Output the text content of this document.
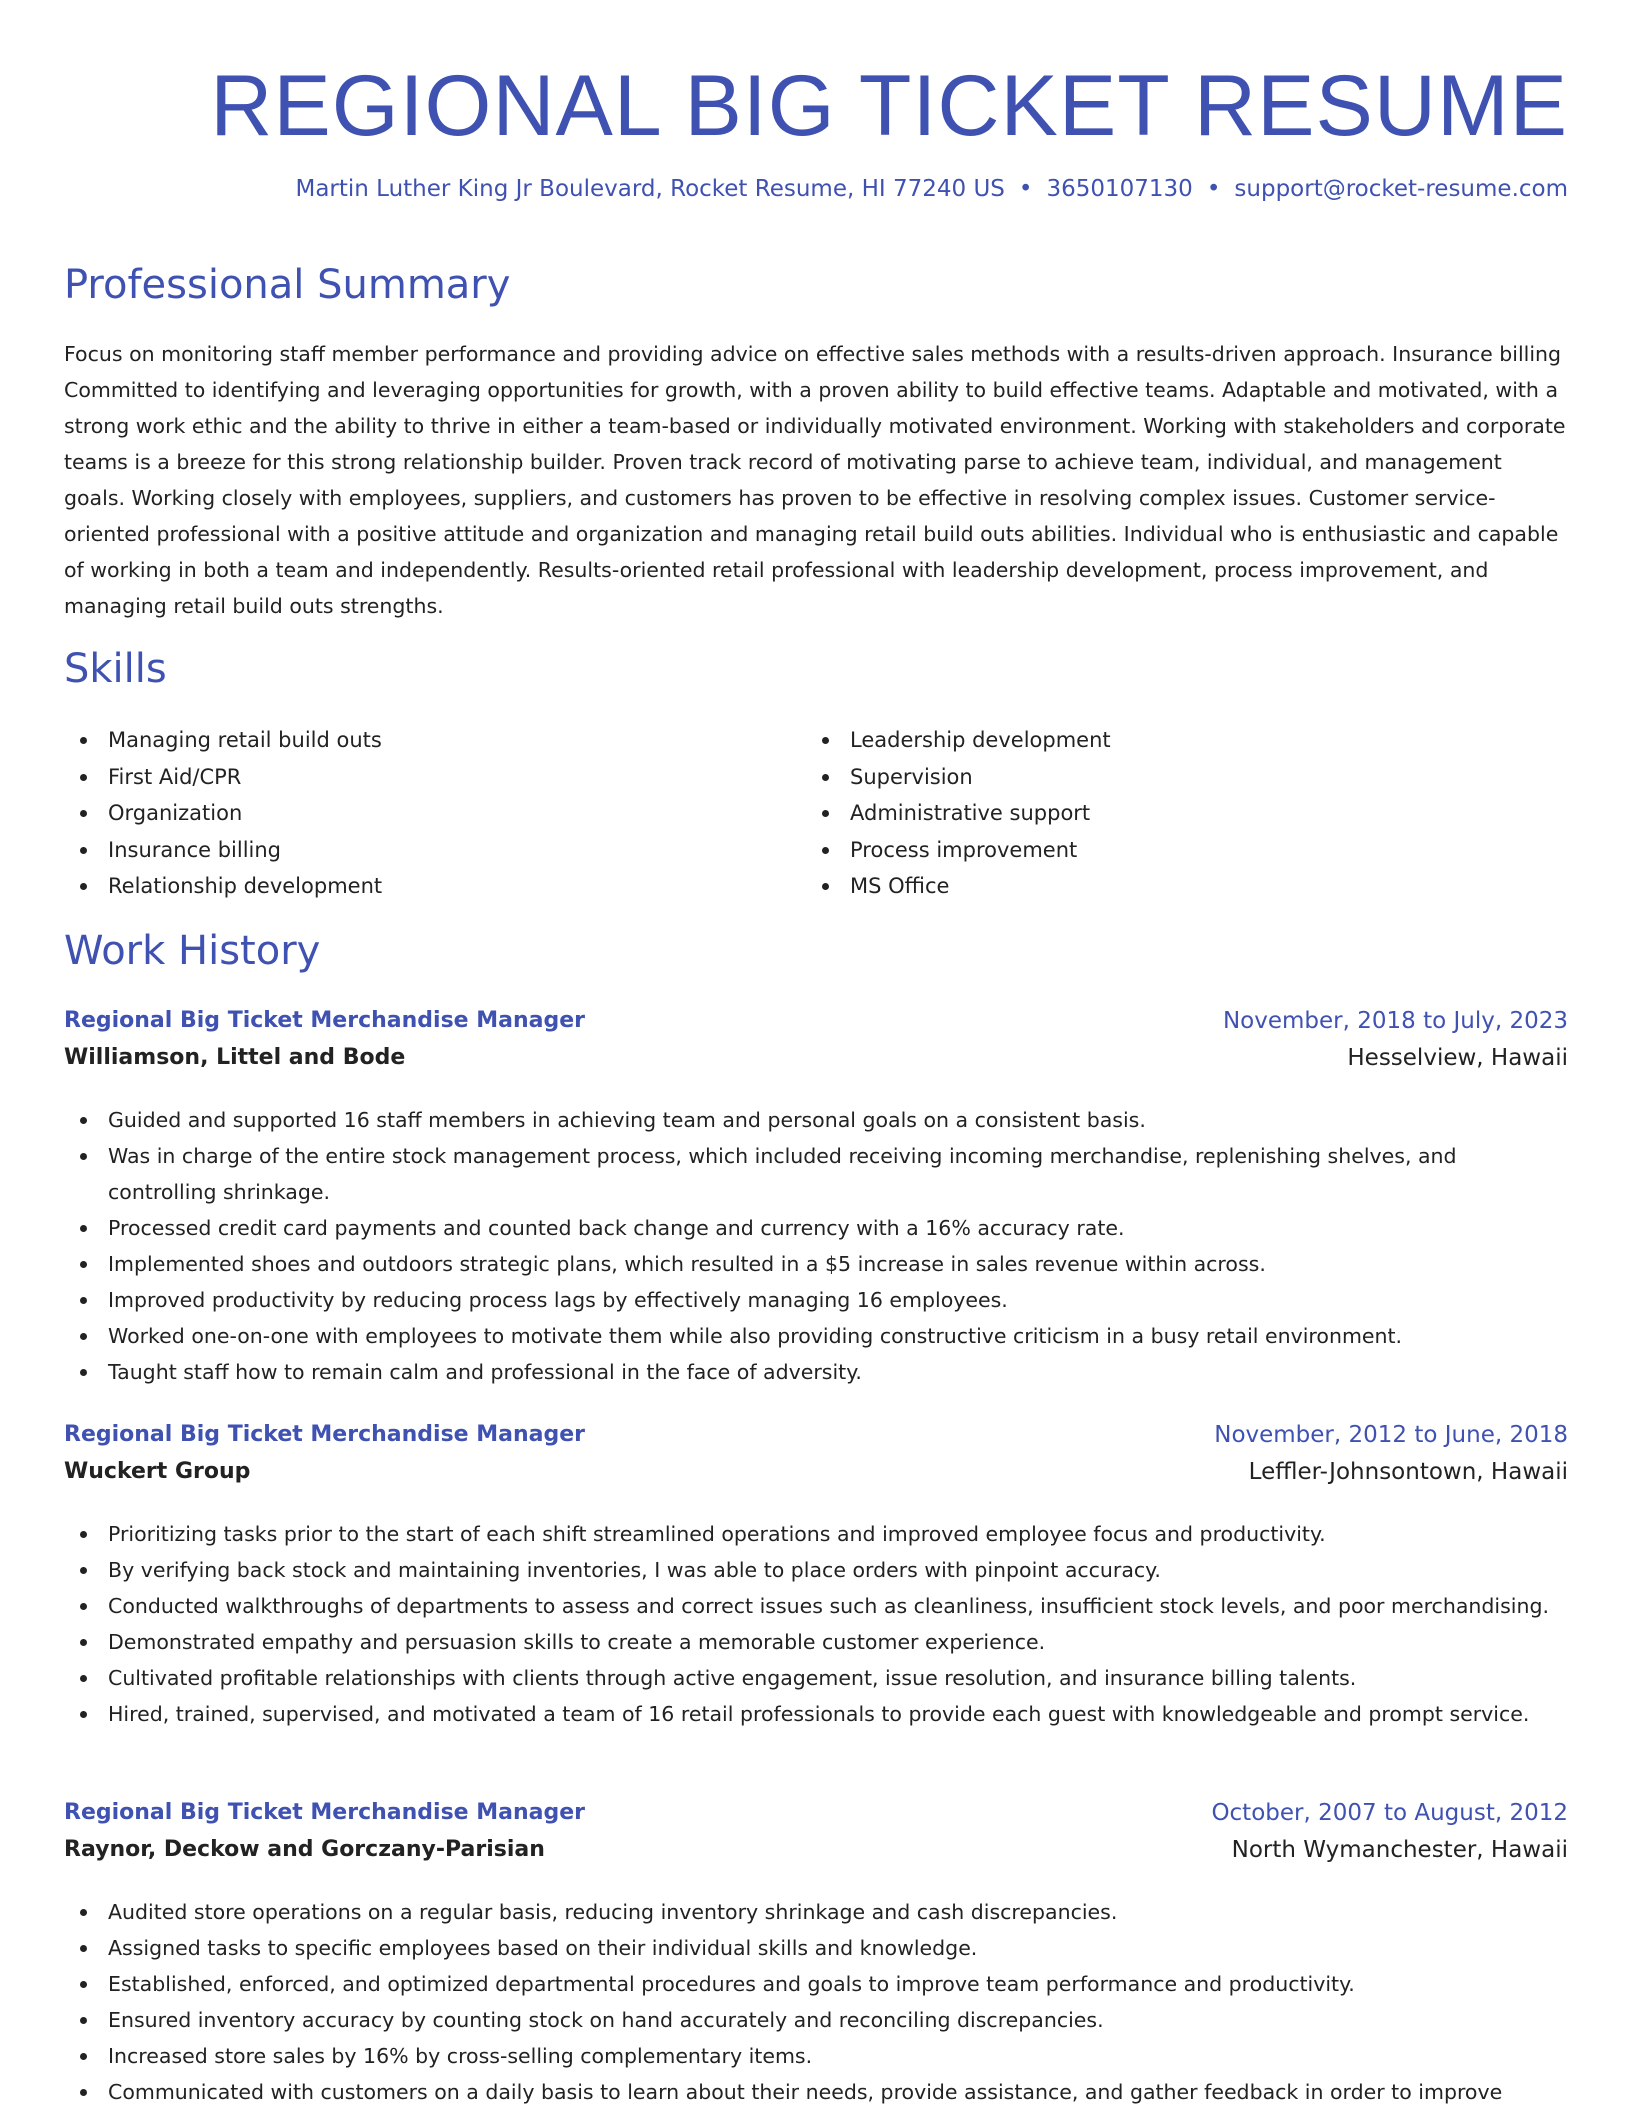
REGIONAL BIG TICKET RESUME
Martin Luther King Jr Boulevard, Rocket Resume, HI 77240 US • 3650107130 • support@rocket-resume.com
Professional Summary

Focus on monitoring staff member performance and providing advice on effective sales methods with a results-driven approach. Insurance billing Committed to identifying and leveraging opportunities for growth, with a proven ability to build effective teams. Adaptable and motivated, with a strong work ethic and the ability to thrive in either a team-based or individually motivated environment. Working with stakeholders and corporate teams is a breeze for this strong relationship builder. Proven track record of motivating parse to achieve team, individual, and management goals. Working closely with employees, suppliers, and customers has proven to be effective in resolving complex issues. Customer service-oriented professional with a positive attitude and organization and managing retail build outs abilities. Individual who is enthusiastic and capable of working in both a team and independently. Results-oriented retail professional with leadership development, process improvement, and managing retail build outs strengths.

Skills
Managing retail build outs
First Aid/CPR
Organization
Insurance billing
Relationship development
Leadership development
Supervision
Administrative support
Process improvement
MS Office
Work History
Regional Big Ticket Merchandise Manager	November, 2018 to July, 2023
Williamson, Littel and Bode	Hesselview, Hawaii
Guided and supported 16 staff members in achieving team and personal goals on a consistent basis.
Was in charge of the entire stock management process, which included receiving incoming merchandise, replenishing shelves, and controlling shrinkage.
Processed credit card payments and counted back change and currency with a 16% accuracy rate.
Implemented shoes and outdoors strategic plans, which resulted in a $5 increase in sales revenue within across.
Improved productivity by reducing process lags by effectively managing 16 employees.
Worked one-on-one with employees to motivate them while also providing constructive criticism in a busy retail environment.
Taught staff how to remain calm and professional in the face of adversity.
Regional Big Ticket Merchandise Manager	November, 2012 to June, 2018
Wuckert Group	Leffler-Johnsontown, Hawaii
Prioritizing tasks prior to the start of each shift streamlined operations and improved employee focus and productivity.
By verifying back stock and maintaining inventories, I was able to place orders with pinpoint accuracy.
Conducted walkthroughs of departments to assess and correct issues such as cleanliness, insufficient stock levels, and poor merchandising.
Demonstrated empathy and persuasion skills to create a memorable customer experience.
Cultivated profitable relationships with clients through active engagement, issue resolution, and insurance billing talents.
Hired, trained, supervised, and motivated a team of 16 retail professionals to provide each guest with knowledgeable and prompt service.
Regional Big Ticket Merchandise Manager	October, 2007 to August, 2012
Raynor, Deckow and Gorczany-Parisian	North Wymanchester, Hawaii
Audited store operations on a regular basis, reducing inventory shrinkage and cash discrepancies.
Assigned tasks to specific employees based on their individual skills and knowledge.
Established, enforced, and optimized departmental procedures and goals to improve team performance and productivity.
Ensured inventory accuracy by counting stock on hand accurately and reconciling discrepancies.
Increased store sales by 16% by cross-selling complementary items.
Communicated with customers on a daily basis to learn about their needs, provide assistance, and gather feedback in order to improve
